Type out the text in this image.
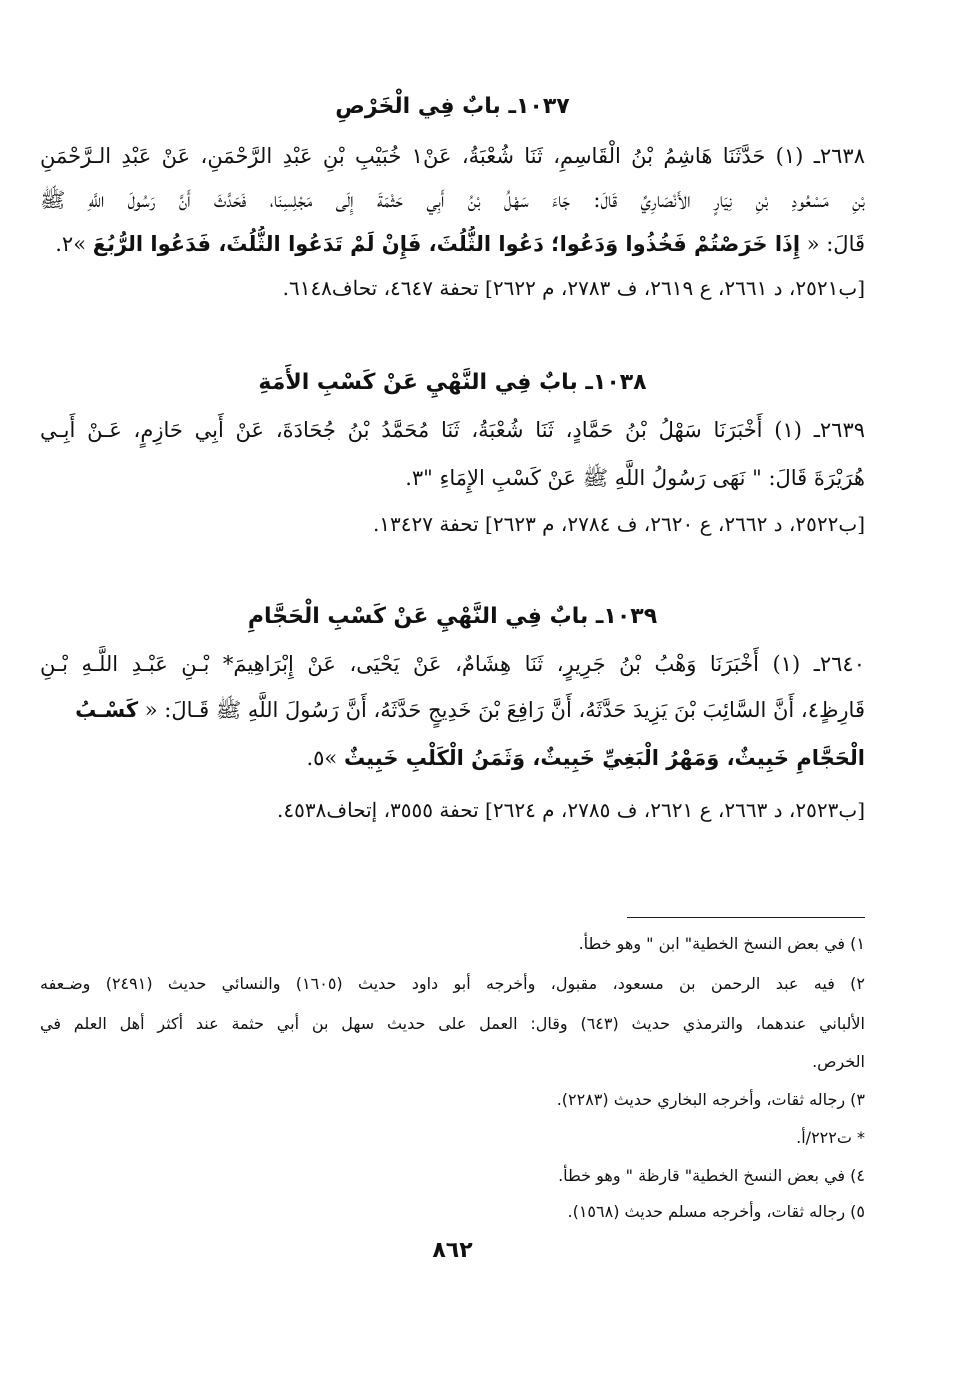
١٠٣٧ـ بابٌ فِي الْخَرْصِ
٢٦٣٨ـ (١) حَدَّثَنَا هَاشِمُ بْنُ الْقَاسِمِ، ثَنَا شُعْبَةُ، عَنْ١ خُبَيْبِ بْنِ عَبْدِ الرَّحْمَنِ، عَنْ عَبْدِ الـرَّحْمَنِ
بْنِ مَسْعُودِ بْنِ نِيَارٍ الأَنْصَارِيِّ قَالَ: جَاءَ سَهْلُ بْنُ أَبِي حَثْمَةَ إِلَى مَجْلِسِنَا، فَحَدَّثَ أَنَّ رَسُولَ اللَّهِ ﷺ
قَالَ: « إِذَا خَرَصْتُمْ فَخُذُوا وَدَعُوا؛ دَعُوا الثُّلُثَ، فَإِنْ لَمْ تَدَعُوا الثُّلُثَ، فَدَعُوا الرُّبُعَ »٢.
[ب٢٥٢١، د ٢٦٦١، ع ٢٦١٩، ف ٢٧٨٣، م ٢٦٢٢] تحفة ٤٦٤٧، تحاف٦١٤٨.
١٠٣٨ـ بابٌ فِي النَّهْيِ عَنْ كَسْبِ الأَمَةِ
٢٦٣٩ـ (١) أَخْبَرَنَا سَهْلُ بْنُ حَمَّادٍ، ثَنَا شُعْبَةُ، ثَنَا مُحَمَّدُ بْنُ جُحَادَةَ، عَنْ أَبِي حَازِمٍ، عَـنْ أَبِـي
هُرَيْرَةَ قَالَ: " نَهَى رَسُولُ اللَّهِ ﷺ عَنْ كَسْبِ الإِمَاءِ "٣.
[ب٢٥٢٢، د ٢٦٦٢، ع ٢٦٢٠، ف ٢٧٨٤، م ٢٦٢٣] تحفة ١٣٤٢٧.
١٠٣٩ـ بابٌ فِي النَّهْيِ عَنْ كَسْبِ الْحَجَّامِ
٢٦٤٠ـ (١) أَخْبَرَنَا وَهْبُ بْنُ جَرِيرٍ، ثَنَا هِشَامٌ، عَنْ يَحْيَى، عَنْ إِبْرَاهِيمَ* بْـنِ عَبْـدِ اللَّـهِ بْـنِ
قَارِظٍ٤، أَنَّ السَّائِبَ بْنَ يَزِيدَ حَدَّثَهُ، أَنَّ رَافِعَ بْنَ خَدِيجٍ حَدَّثَهُ، أَنَّ رَسُولَ اللَّهِ ﷺ قَـالَ: « كَسْـبُ
الْحَجَّامِ خَبِيثٌ، وَمَهْرُ الْبَغِيِّ خَبِيثٌ، وَثَمَنُ الْكَلْبِ خَبِيثٌ »٥.
[ب٢٥٢٣، د ٢٦٦٣، ع ٢٦٢١، ف ٢٧٨٥، م ٢٦٢٤] تحفة ٣٥٥٥، إتحاف٤٥٣٨.
١) في بعض النسخ الخطية" ابن " وهو خطأ.
٢) فيه عبد الرحمن بن مسعود، مقبول، وأخرجه أبو داود حديث (١٦٠٥) والنسائي حديث (٢٤٩١) وضـعفه
الألباني عندهما، والترمذي حديث (٦٤٣) وقال: العمل على حديث سهل بن أبي حثمة عند أكثر أهل العلم في
الخرص.
٣) رجاله ثقات، وأخرجه البخاري حديث (٢٢٨٣).
* ت٢٢٢/أ.
٤) في بعض النسخ الخطية" قارظة " وهو خطأ.
٥) رجاله ثقات، وأخرجه مسلم حديث (١٥٦٨).
٨٦٢
